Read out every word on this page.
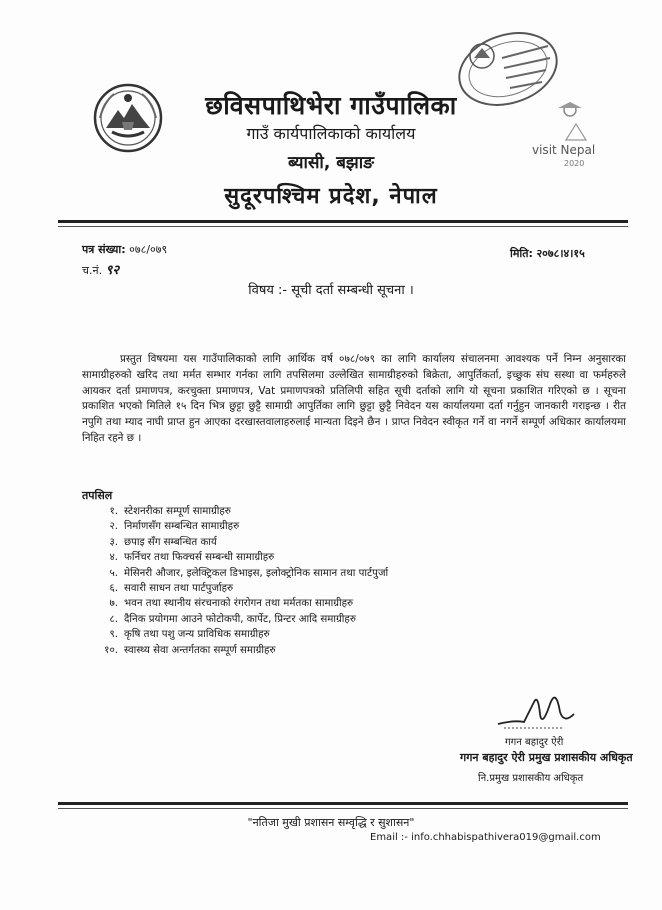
visit Nepal
2020
छविसपाथिभेरा गाउँपालिका
गाउँ कार्यपालिकाको कार्यालय
ब्यासी, बझाङ
सुदूरपश्चिम प्रदेश, नेपाल
पत्र संख्या: ०७८/०७९
च.नं. ९२
मिति: २०७८।४।१५
विषय :- सूची दर्ता सम्बन्धी सूचना ।

प्रस्तुत विषयमा यस गाउँपालिकाको लागि आर्थिक वर्ष ०७८/०७९ का लागि कार्यालय संचालनमा आवश्यक पर्ने निम्न अनुसारका सामाग्रीहरुको खरिद तथा मर्मत सम्भार गर्नका लागि तपसिलमा उल्लेखित सामाग्रीहरुको बिक्रेता, आपुर्तिकर्ता, इच्छुक संघ सस्था वा फर्महरुले आयकर दर्ता प्रमाणपत्र, करचुक्ता प्रमाणपत्र, Vat प्रमाणपत्रको प्रतिलिपी सहित सूची दर्ताको लागि यो सूचना प्रकाशित गरिएको छ । सूचना प्रकाशित भएको मितिले १५ दिन भित्र छुट्टा छुट्टै सामाग्री आपुर्तिका लागि छुट्टा छुट्टै निवेदन यस कार्यालयमा दर्ता गर्नुहुन जानकारी गराइन्छ । रीत नपुगि तथा म्याद नाघी प्राप्त हुन आएका दरखास्तवालाहरुलाई मान्यता दिइने छैन । प्राप्त निवेदन स्वीकृत गर्ने वा नगर्ने सम्पूर्ण अधिकार कार्यालयमा निहित रहने छ ।

तपसिल
१. स्टेशनरीका सम्पूर्ण सामाग्रीहरु
२. निर्माणसँग सम्बन्धित सामाग्रीहरु
३. छपाइ सँग सम्बन्धित कार्य
४. फर्निचर तथा फिक्चर्स सम्बन्धी सामाग्रीहरु
५. मेसिनरी औजार, इलेक्ट्रिकल डिभाइस, इलोक्ट्रोनिक सामान तथा पार्टपुर्जा
६. सवारी साधन तथा पार्टपुर्जाहरु
७. भवन तथा स्थानीय संरचनाको रंगरोगन तथा मर्मतका सामाग्रीहरु
८. दैनिक प्रयोगमा आउने फोटोकपी, कार्पेट, प्रिन्टर आदि समाग्रीहरु
९. कृषि तथा पशु जन्य प्राविधिक समाग्रीहरु
१०. स्वास्थ्य सेवा अन्तर्गतका सम्पूर्ण समाग्रीहरु
गगन बहादुर ऐरी
गगन बहादुर ऐरी प्रमुख प्रशासकीय अधिकृत
नि.प्रमुख प्रशासकीय अधिकृत
"नतिजा मुखी प्रशासन सम्वृद्धि र सुशासन"
Email :- info.chhabispathivera019@gmail.com
